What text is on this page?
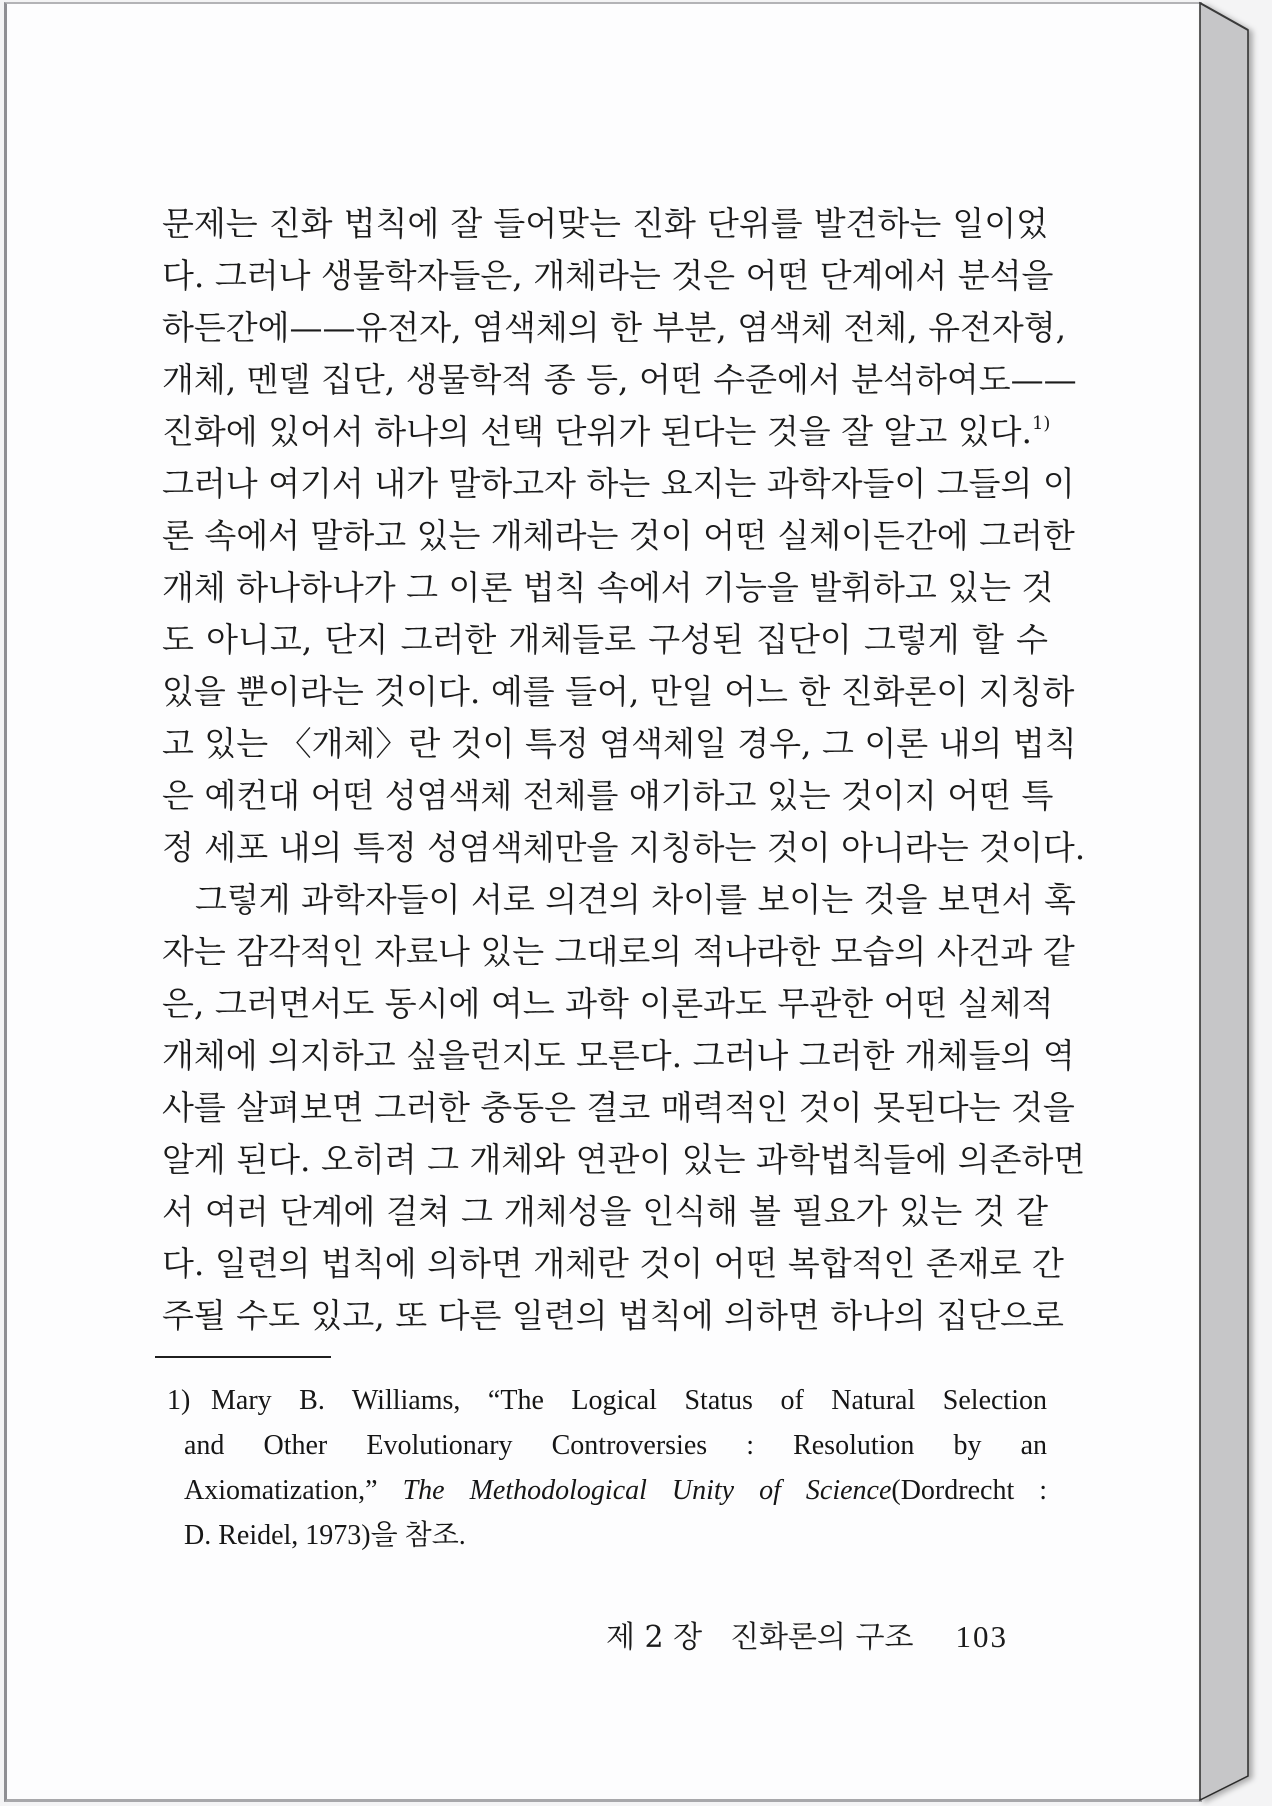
문제는 진화 법칙에 잘 들어맞는 진화 단위를 발견하는 일이었
다. 그러나 생물학자들은, 개체라는 것은 어떤 단계에서 분석을
하든간에——유전자, 염색체의 한 부분, 염색체 전체, 유전자형,
개체, 멘델 집단, 생물학적 종 등, 어떤 수준에서 분석하여도——
진화에 있어서 하나의 선택 단위가 된다는 것을 잘 알고 있다.$^{1)}$
그러나 여기서 내가 말하고자 하는 요지는 과학자들이 그들의 이
론 속에서 말하고 있는 개체라는 것이 어떤 실체이든간에 그러한
개체 하나하나가 그 이론 법칙 속에서 기능을 발휘하고 있는 것
도 아니고, 단지 그러한 개체들로 구성된 집단이 그렇게 할 수
있을 뿐이라는 것이다. 예를 들어, 만일 어느 한 진화론이 지칭하
고 있는 〈개체〉란 것이 특정 염색체일 경우, 그 이론 내의 법칙
은 예컨대 어떤 성염색체 전체를 얘기하고 있는 것이지 어떤 특
정 세포 내의 특정 성염색체만을 지칭하는 것이 아니라는 것이다.
그렇게 과학자들이 서로 의견의 차이를 보이는 것을 보면서 혹
자는 감각적인 자료나 있는 그대로의 적나라한 모습의 사건과 같
은, 그러면서도 동시에 여느 과학 이론과도 무관한 어떤 실체적
개체에 의지하고 싶을런지도 모른다. 그러나 그러한 개체들의 역
사를 살펴보면 그러한 충동은 결코 매력적인 것이 못된다는 것을
알게 된다. 오히려 그 개체와 연관이 있는 과학법칙들에 의존하면
서 여러 단계에 걸쳐 그 개체성을 인식해 볼 필요가 있는 것 같
다. 일련의 법칙에 의하면 개체란 것이 어떤 복합적인 존재로 간
주될 수도 있고, 또 다른 일련의 법칙에 의하면 하나의 집단으로
1) Mary B. Williams, “The Logical Status of Natural Selection
and Other Evolutionary Controversies : Resolution by an
Axiomatization,” The Methodological Unity of Science(Dordrecht :
D. Reidel, 1973)을 참조.
제 2 장 진화론의 구조 103
